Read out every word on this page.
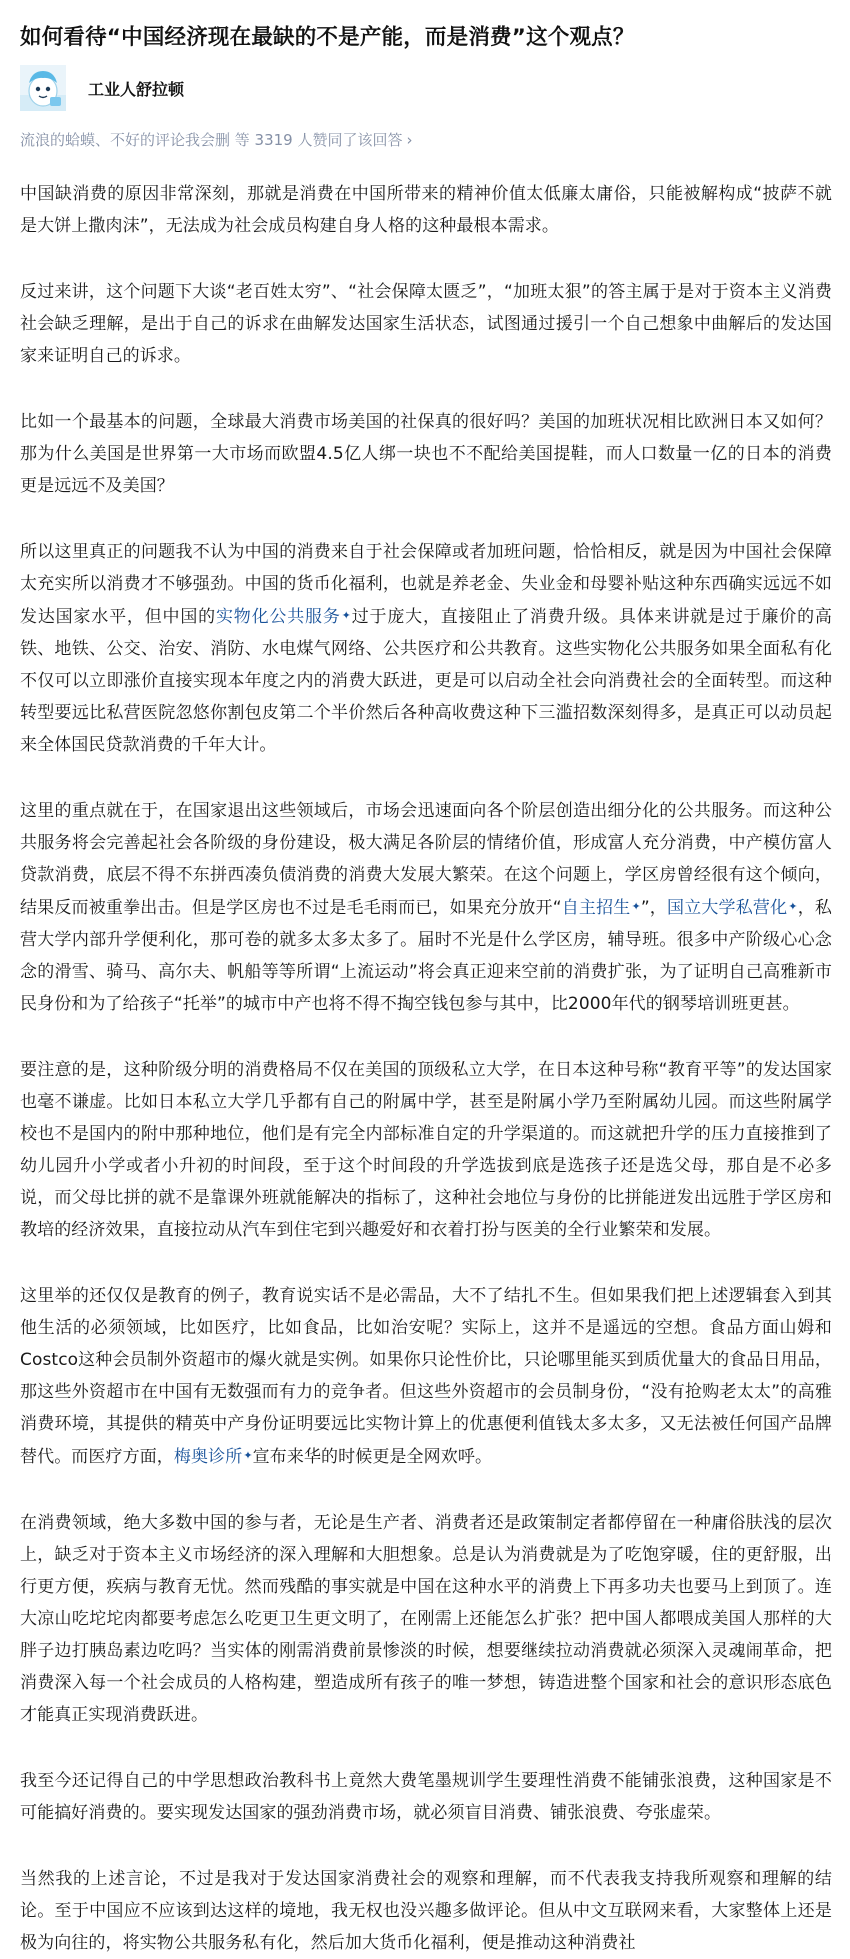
如何看待“中国经济现在最缺的不是产能，而是消费”这个观点？
工业人舒拉顿
流浪的蛤蟆、不好的评论我会删 等 3319 人赞同了该回答 ›

中国缺消费的原因非常深刻，那就是消费在中国所带来的精神价值太低廉太庸俗，只能被解构成“披萨不就是大饼上撒肉沫”，无法成为社会成员构建自身人格的这种最根本需求。

反过来讲，这个问题下大谈“老百姓太穷”、“社会保障太匮乏”，“加班太狠”的答主属于是对于资本主义消费社会缺乏理解，是出于自己的诉求在曲解发达国家生活状态，试图通过援引一个自己想象中曲解后的发达国家来证明自己的诉求。

比如一个最基本的问题，全球最大消费市场美国的社保真的很好吗？美国的加班状况相比欧洲日本又如何？那为什么美国是世界第一大市场而欧盟4.5亿人绑一块也不不配给美国提鞋，而人口数量一亿的日本的消费更是远远不及美国？

所以这里真正的问题我不认为中国的消费来自于社会保障或者加班问题，恰恰相反，就是因为中国社会保障太充实所以消费才不够强劲。中国的货币化福利，也就是养老金、失业金和母婴补贴这种东西确实远远不如发达国家水平，但中国的实物化公共服务✦过于庞大，直接阻止了消费升级。具体来讲就是过于廉价的高铁、地铁、公交、治安、消防、水电煤气网络、公共医疗和公共教育。这些实物化公共服务如果全面私有化不仅可以立即涨价直接实现本年度之内的消费大跃进，更是可以启动全社会向消费社会的全面转型。而这种转型要远比私营医院忽悠你割包皮第二个半价然后各种高收费这种下三滥招数深刻得多，是真正可以动员起来全体国民贷款消费的千年大计。

这里的重点就在于，在国家退出这些领域后，市场会迅速面向各个阶层创造出细分化的公共服务。而这种公共服务将会完善起社会各阶级的身份建设，极大满足各阶层的情绪价值，形成富人充分消费，中产模仿富人贷款消费，底层不得不东拼西凑负债消费的消费大发展大繁荣。在这个问题上，学区房曾经很有这个倾向，结果反而被重拳出击。但是学区房也不过是毛毛雨而已，如果充分放开“自主招生✦”，国立大学私营化✦，私营大学内部升学便利化，那可卷的就多太多太多了。届时不光是什么学区房，辅导班。很多中产阶级心心念念的滑雪、骑马、高尔夫、帆船等等所谓“上流运动”将会真正迎来空前的消费扩张，为了证明自己高雅新市民身份和为了给孩子“托举”的城市中产也将不得不掏空钱包参与其中，比2000年代的钢琴培训班更甚。

要注意的是，这种阶级分明的消费格局不仅在美国的顶级私立大学，在日本这种号称“教育平等”的发达国家也毫不谦虚。比如日本私立大学几乎都有自己的附属中学，甚至是附属小学乃至附属幼儿园。而这些附属学校也不是国内的附中那种地位，他们是有完全内部标准自定的升学渠道的。而这就把升学的压力直接推到了幼儿园升小学或者小升初的时间段，至于这个时间段的升学选拔到底是选孩子还是选父母，那自是不必多说，而父母比拼的就不是靠课外班就能解决的指标了，这种社会地位与身份的比拼能迸发出远胜于学区房和教培的经济效果，直接拉动从汽车到住宅到兴趣爱好和衣着打扮与医美的全行业繁荣和发展。

这里举的还仅仅是教育的例子，教育说实话不是必需品，大不了结扎不生。但如果我们把上述逻辑套入到其他生活的必须领域，比如医疗，比如食品，比如治安呢？实际上，这并不是遥远的空想。食品方面山姆和Costco这种会员制外资超市的爆火就是实例。如果你只论性价比，只论哪里能买到质优量大的食品日用品，那这些外资超市在中国有无数强而有力的竞争者。但这些外资超市的会员制身份，“没有抢购老太太”的高雅消费环境，其提供的精英中产身份证明要远比实物计算上的优惠便利值钱太多太多，又无法被任何国产品牌替代。而医疗方面，梅奥诊所✦宣布来华的时候更是全网欢呼。

在消费领域，绝大多数中国的参与者，无论是生产者、消费者还是政策制定者都停留在一种庸俗肤浅的层次上，缺乏对于资本主义市场经济的深入理解和大胆想象。总是认为消费就是为了吃饱穿暖，住的更舒服，出行更方便，疾病与教育无忧。然而残酷的事实就是中国在这种水平的消费上下再多功夫也要马上到顶了。连大凉山吃坨坨肉都要考虑怎么吃更卫生更文明了，在刚需上还能怎么扩张？把中国人都喂成美国人那样的大胖子边打胰岛素边吃吗？当实体的刚需消费前景惨淡的时候，想要继续拉动消费就必须深入灵魂闹革命，把消费深入每一个社会成员的人格构建，塑造成所有孩子的唯一梦想，铸造进整个国家和社会的意识形态底色才能真正实现消费跃进。

我至今还记得自己的中学思想政治教科书上竟然大费笔墨规训学生要理性消费不能铺张浪费，这种国家是不可能搞好消费的。要实现发达国家的强劲消费市场，就必须盲目消费、铺张浪费、夸张虚荣。

当然我的上述言论，不过是我对于发达国家消费社会的观察和理解，而不代表我支持我所观察和理解的结论。至于中国应不应该到达这样的境地，我无权也没兴趣多做评论。但从中文互联网来看，大家整体上还是极为向往的，将实物公共服务私有化，然后加大货币化福利，便是推动这种消费社
